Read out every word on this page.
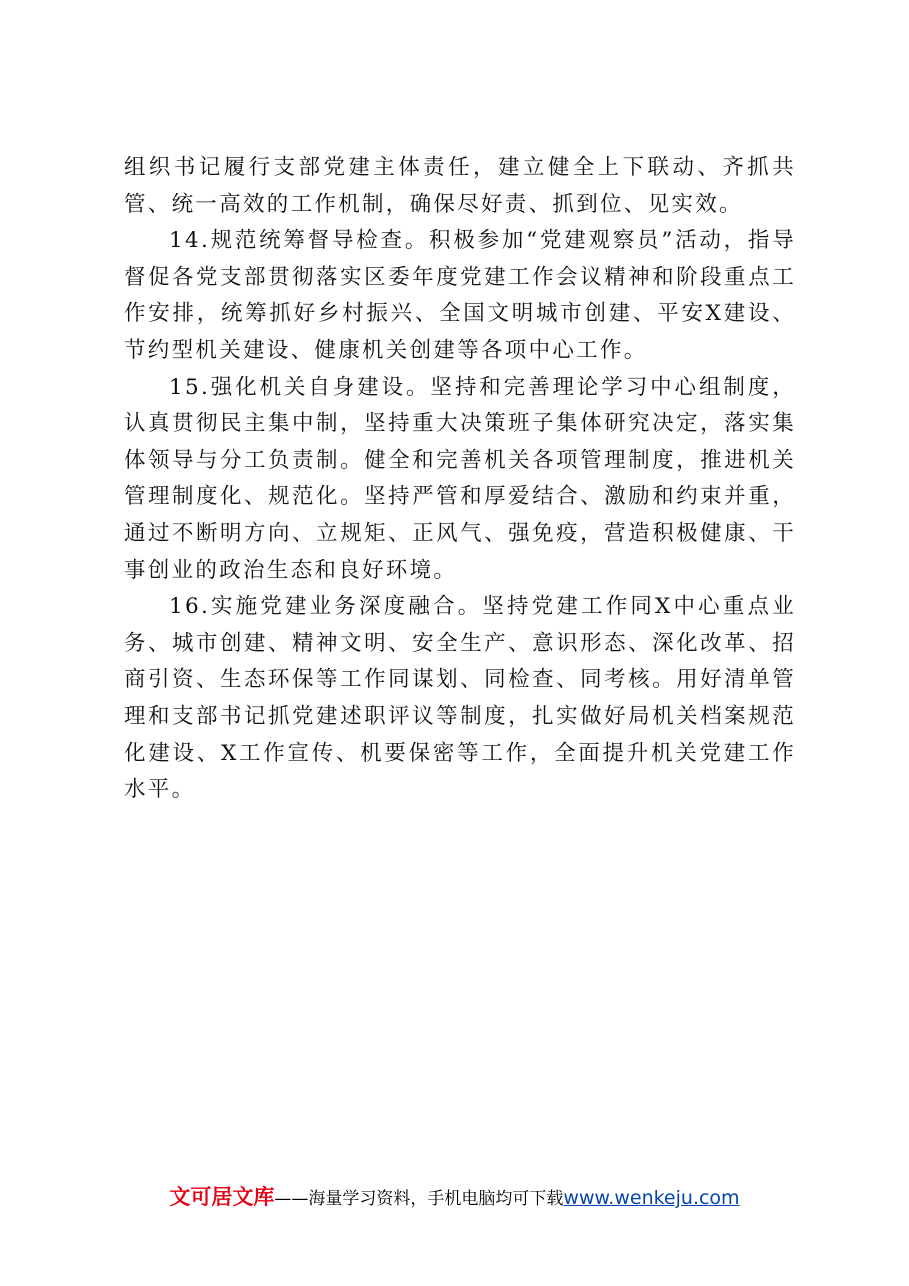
组织书记履行支部党建主体责任，建立健全上下联动、齐抓共管、统一高效的工作机制，确保尽好责、抓到位、见实效。

14.规范统筹督导检查。积极参加“党建观察员”活动，指导督促各党支部贯彻落实区委年度党建工作会议精神和阶段重点工作安排，统筹抓好乡村振兴、全国文明城市创建、平安X建设、节约型机关建设、健康机关创建等各项中心工作。

15.强化机关自身建设。坚持和完善理论学习中心组制度，认真贯彻民主集中制，坚持重大决策班子集体研究决定，落实集体领导与分工负责制。健全和完善机关各项管理制度，推进机关管理制度化、规范化。坚持严管和厚爱结合、激励和约束并重，通过不断明方向、立规矩、正风气、强免疫，营造积极健康、干事创业的政治生态和良好环境。

16.实施党建业务深度融合。坚持党建工作同X中心重点业务、城市创建、精神文明、安全生产、意识形态、深化改革、招商引资、生态环保等工作同谋划、同检查、同考核。用好清单管理和支部书记抓党建述职评议等制度，扎实做好局机关档案规范化建设、X工作宣传、机要保密等工作，全面提升机关党建工作水平。

文可居文库——海量学习资料，手机电脑均可下载www.wenkeju.com
